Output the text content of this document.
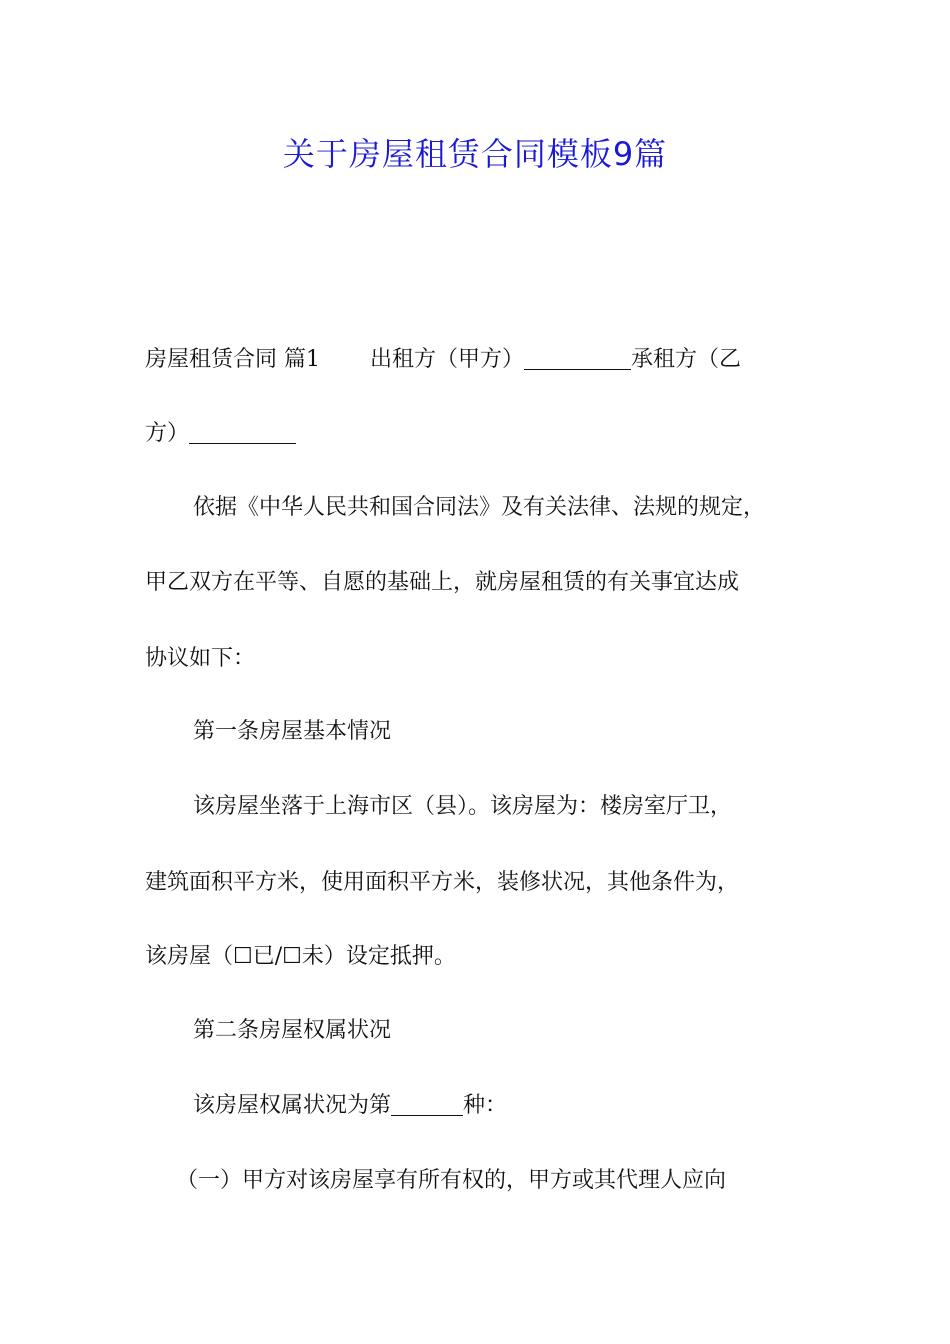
关于房屋租赁合同模板9篇

房屋租赁合同 篇1 出租方（甲方）	承租方（乙

方）

依据《中华人民共和国合同法》及有关法律、法规的规定，

甲乙双方在平等、自愿的基础上，就房屋租赁的有关事宜达成

协议如下：

第一条房屋基本情况

该房屋坐落于上海市区（县）。该房屋为：楼房室厅卫，

建筑面积平方米，使用面积平方米，装修状况，其他条件为，

该房屋（☐已/☐未）设定抵押。

第二条房屋权属状况

该房屋权属状况为第	种：

（一）甲方对该房屋享有所有权的，甲方或其代理人应向
